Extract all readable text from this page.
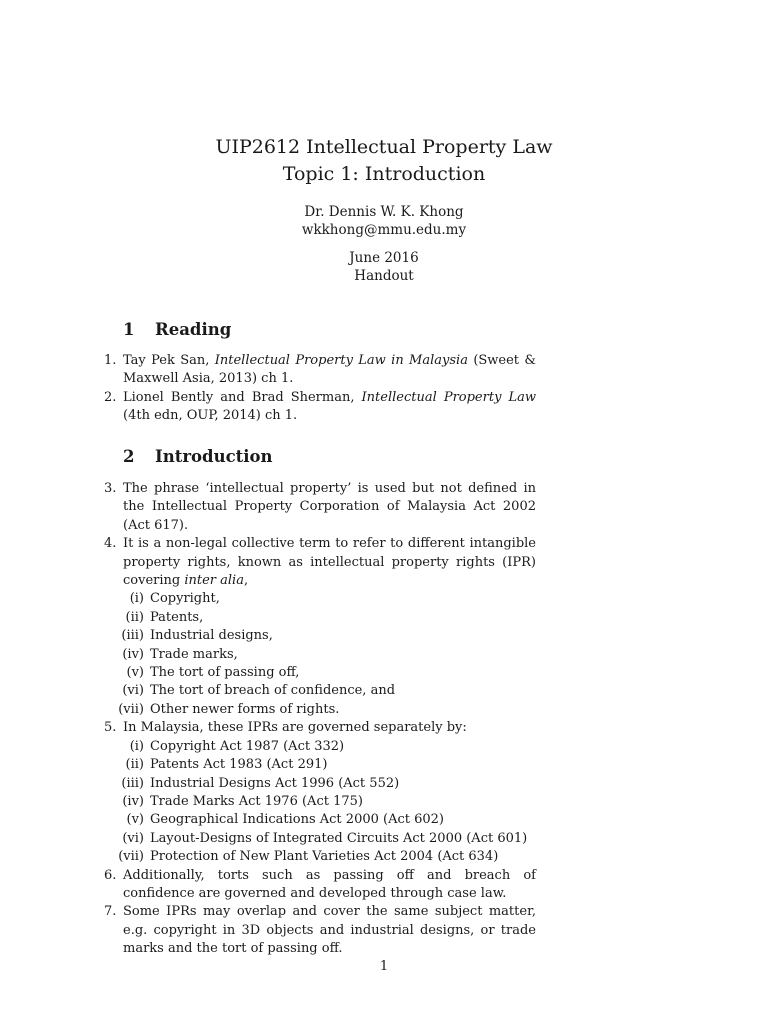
UIP2612 Intellectual Property Law
Topic 1: Introduction
Dr. Dennis W. K. Khong
wkkhong@mmu.edu.my
June 2016
Handout
1 Reading
1. Tay Pek San, Intellectual Property Law in Malaysia (Sweet & Maxwell Asia, 2013) ch 1.
2. Lionel Bently and Brad Sherman, Intellectual Property Law (4th edn, OUP, 2014) ch 1.
2 Introduction
3. The phrase ‘intellectual property’ is used but not defined in the Intellectual Property Corporation of Malaysia Act 2002 (Act 617).
4. It is a non-legal collective term to refer to different intangible property rights, known as intellectual property rights (IPR) covering inter alia,
(i) Copyright,
(ii) Patents,
(iii) Industrial designs,
(iv) Trade marks,
(v) The tort of passing off,
(vi) The tort of breach of confidence, and
(vii) Other newer forms of rights.
5. In Malaysia, these IPRs are governed separately by:
(i) Copyright Act 1987 (Act 332)
(ii) Patents Act 1983 (Act 291)
(iii) Industrial Designs Act 1996 (Act 552)
(iv) Trade Marks Act 1976 (Act 175)
(v) Geographical Indications Act 2000 (Act 602)
(vi) Layout-Designs of Integrated Circuits Act 2000 (Act 601)
(vii) Protection of New Plant Varieties Act 2004 (Act 634)
6. Additionally, torts such as passing off and breach of confidence are governed and developed through case law.
7. Some IPRs may overlap and cover the same subject matter, e.g. copyright in 3D objects and industrial designs, or trade marks and the tort of passing off.
1
